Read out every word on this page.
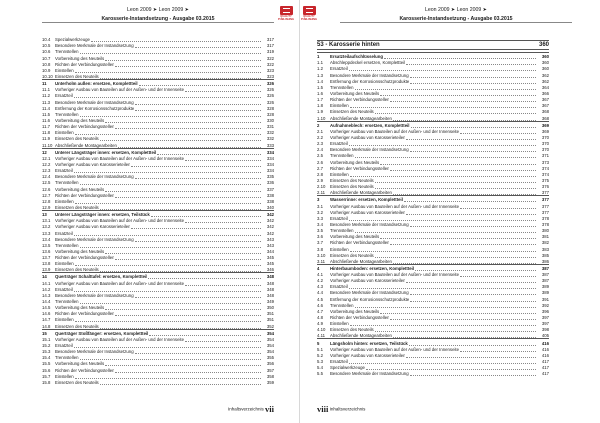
Leon 2009 ➤ Leon 2009 ➤
Karosserie-Instandsetzung - Ausgabe 03.2015	QUALITY PUBLISHING
10.4	Spezialwerkzeuge	317
10.5	Besondere Merkmale der Instandsetzung	317
10.6	Trennstellen	319
10.7	Vorbereitung des Neuteils	322
10.8	Richten der Verbindungsstellen	322
10.9	Einstellen	323
10.10 Einsetzen des Neuteils	323
11	Unterholm außen: ersetzen, Komplettteil	326
11.1	Vorheriger Ausbau von Bauteilen auf der Außen- und der Innenseite	326
11.2	Ersatzteil	326
11.3	Besondere Merkmale der Instandsetzung	326
11.4	Entfernung der Korrosionsschutzprodukte	328
11.5	Trennstellen	328
11.6	Vorbereitung des Neuteils	330
11.7	Richten der Verbindungsstellen	331
11.8	Einstellen	332
11.9	Einsetzen des Neuteils	332
11.10 Abschließende Montagearbeiten	333
12	Unterer Längsträger innen: ersetzen, Komplettteil	334
12.1	Vorheriger Ausbau von Bauteilen auf der Außen- und der Innenseite	334
12.2	Vorheriger Ausbau von Karosserieteilen	334
12.3	Ersatzteil	334
12.4	Besondere Merkmale der Instandsetzung	335
12.5	Trennstellen	336
12.6	Vorbereitung des Neuteils	337
12.7	Richten der Verbindungsstellen	338
12.8	Einstellen	338
12.9	Einsetzen des Neuteils	340
13	Unterer Längsträger innen: ersetzen, Teilstück	342
13.1	Vorheriger Ausbau von Bauteilen auf der Außen- und der Innenseite	342
13.2	Vorheriger Ausbau von Karosserieteilen	342
13.3	Ersatzteil	342
13.4	Besondere Merkmale der Instandsetzung	343
13.5	Trennstellen	343
13.6	Vorbereitung des Neuteils	344
13.7	Richten der Verbindungsstellen	345
13.8	Einstellen	345
13.9	Einsetzen des Neuteils	346
14	Querträger Schalttafel: ersetzen, Komplettteil	348
14.1	Vorheriger Ausbau von Bauteilen auf der Außen- und der Innenseite	348
14.2	Ersatzteil	348
14.3	Besondere Merkmale der Instandsetzung	348
14.4	Trennstellen	349
14.5	Vorbereitung des Neuteils	350
14.6	Richten der Verbindungsstellen	351
14.7	Einstellen	351
14.8	Einsetzen des Neuteils	352
15	Querträger Stoßfänger: ersetzen, Komplettteil	354
15.1	Vorheriger Ausbau von Bauteilen auf der Außen- und der Innenseite	354
15.2	Ersatzteil	354
15.3	Besondere Merkmale der Instandsetzung	354
15.4	Trennstellen	355
15.5	Vorbereitung des Neuteils	356
15.6	Richten der Verbindungsstellen	357
15.7	Einstellen	358
15.8	Einsetzen des Neuteils	359
Inhaltsverzeichnis vii
QUALITY PUBLISHING
Leon 2009 ➤ Leon 2009 ➤
Karosserie-Instandsetzung - Ausgabe 03.2015
53 - Karosserie hinten	360
1	Ersatzteilaufschlüsselung	360
1.1	Abschleppdeckel ersetzen, Komplettteil	360
1.2	Ersatzteil	360
1.3	Besondere Merkmale der Instandsetzung	362
1.4	Entfernung der Korrosionsschutzprodukte	362
1.5	Trennstellen	364
1.6	Vorbereitung des Neuteils	366
1.7	Richten der Verbindungsstellen	367
1.8	Einstellen	367
1.9	Einsetzen des Neuteils	368
1.10	Abschließende Montagearbeiten	368
2	Aufnahmeblech: ersetzen, Komplettteil	369
2.1	Vorheriger Ausbau von Bauteilen auf der Außen- und der Innenseite	369
2.2	Vorheriger Ausbau von Karosserieteilen	370
2.3	Ersatzteil	370
2.4	Besondere Merkmale der Instandsetzung	370
2.5	Trennstellen	371
2.6	Vorbereitung des Neuteils	373
2.7	Richten der Verbindungsstellen	374
2.8	Einstellen	374
2.9	Einsetzen des Neuteils	375
2.10	Einsetzen des Neuteils	376
2.11	Abschließende Montagearbeiten	377
3	Wasserrinne: ersetzen, Komplettteil	377
3.1	Vorheriger Ausbau von Bauteilen auf der Außen- und der Innenseite	377
3.2	Vorheriger Ausbau von Karosserieteilen	377
3.3	Ersatzteil	378
3.4	Besondere Merkmale der Instandsetzung	378
3.5	Trennstellen	380
3.6	Vorbereitung des Neuteils	381
3.7	Richten der Verbindungsstellen	382
3.8	Einstellen	383
3.10	Einsetzen des Neuteils	385
3.11	Abschließende Montagearbeiten	386
4	Hinterbaumboden: ersetzen, Komplettteil	387
4.1	Vorheriger Ausbau von Bauteilen auf der Außen- und der Innenseite	387
4.2	Vorheriger Ausbau von Karosserieteilen	387
4.3	Ersatzteil	389
4.4	Besondere Merkmale der Instandsetzung	389
4.5	Entfernung der Korrosionsschutzprodukte	391
4.6	Trennstellen	392
4.7	Vorbereitung des Neuteils	396
4.8	Richten der Verbindungsstellen	397
4.9	Einstellen	397
4.10	Einsetzen des Neuteils	398
4.11	Abschließende Montagearbeiten	405
5	Längsholm hinten: ersetzen, Teilstück	416
5.1	Vorheriger Ausbau von Bauteilen auf der Außen- und der Innenseite	416
5.2	Vorheriger Ausbau von Karosserieteilen	416
5.3	Ersatzteil	417
5.4	Spezialwerkzeuge	417
5.5	Besondere Merkmale der Instandsetzung	417
viii Inhaltsverzeichnis
